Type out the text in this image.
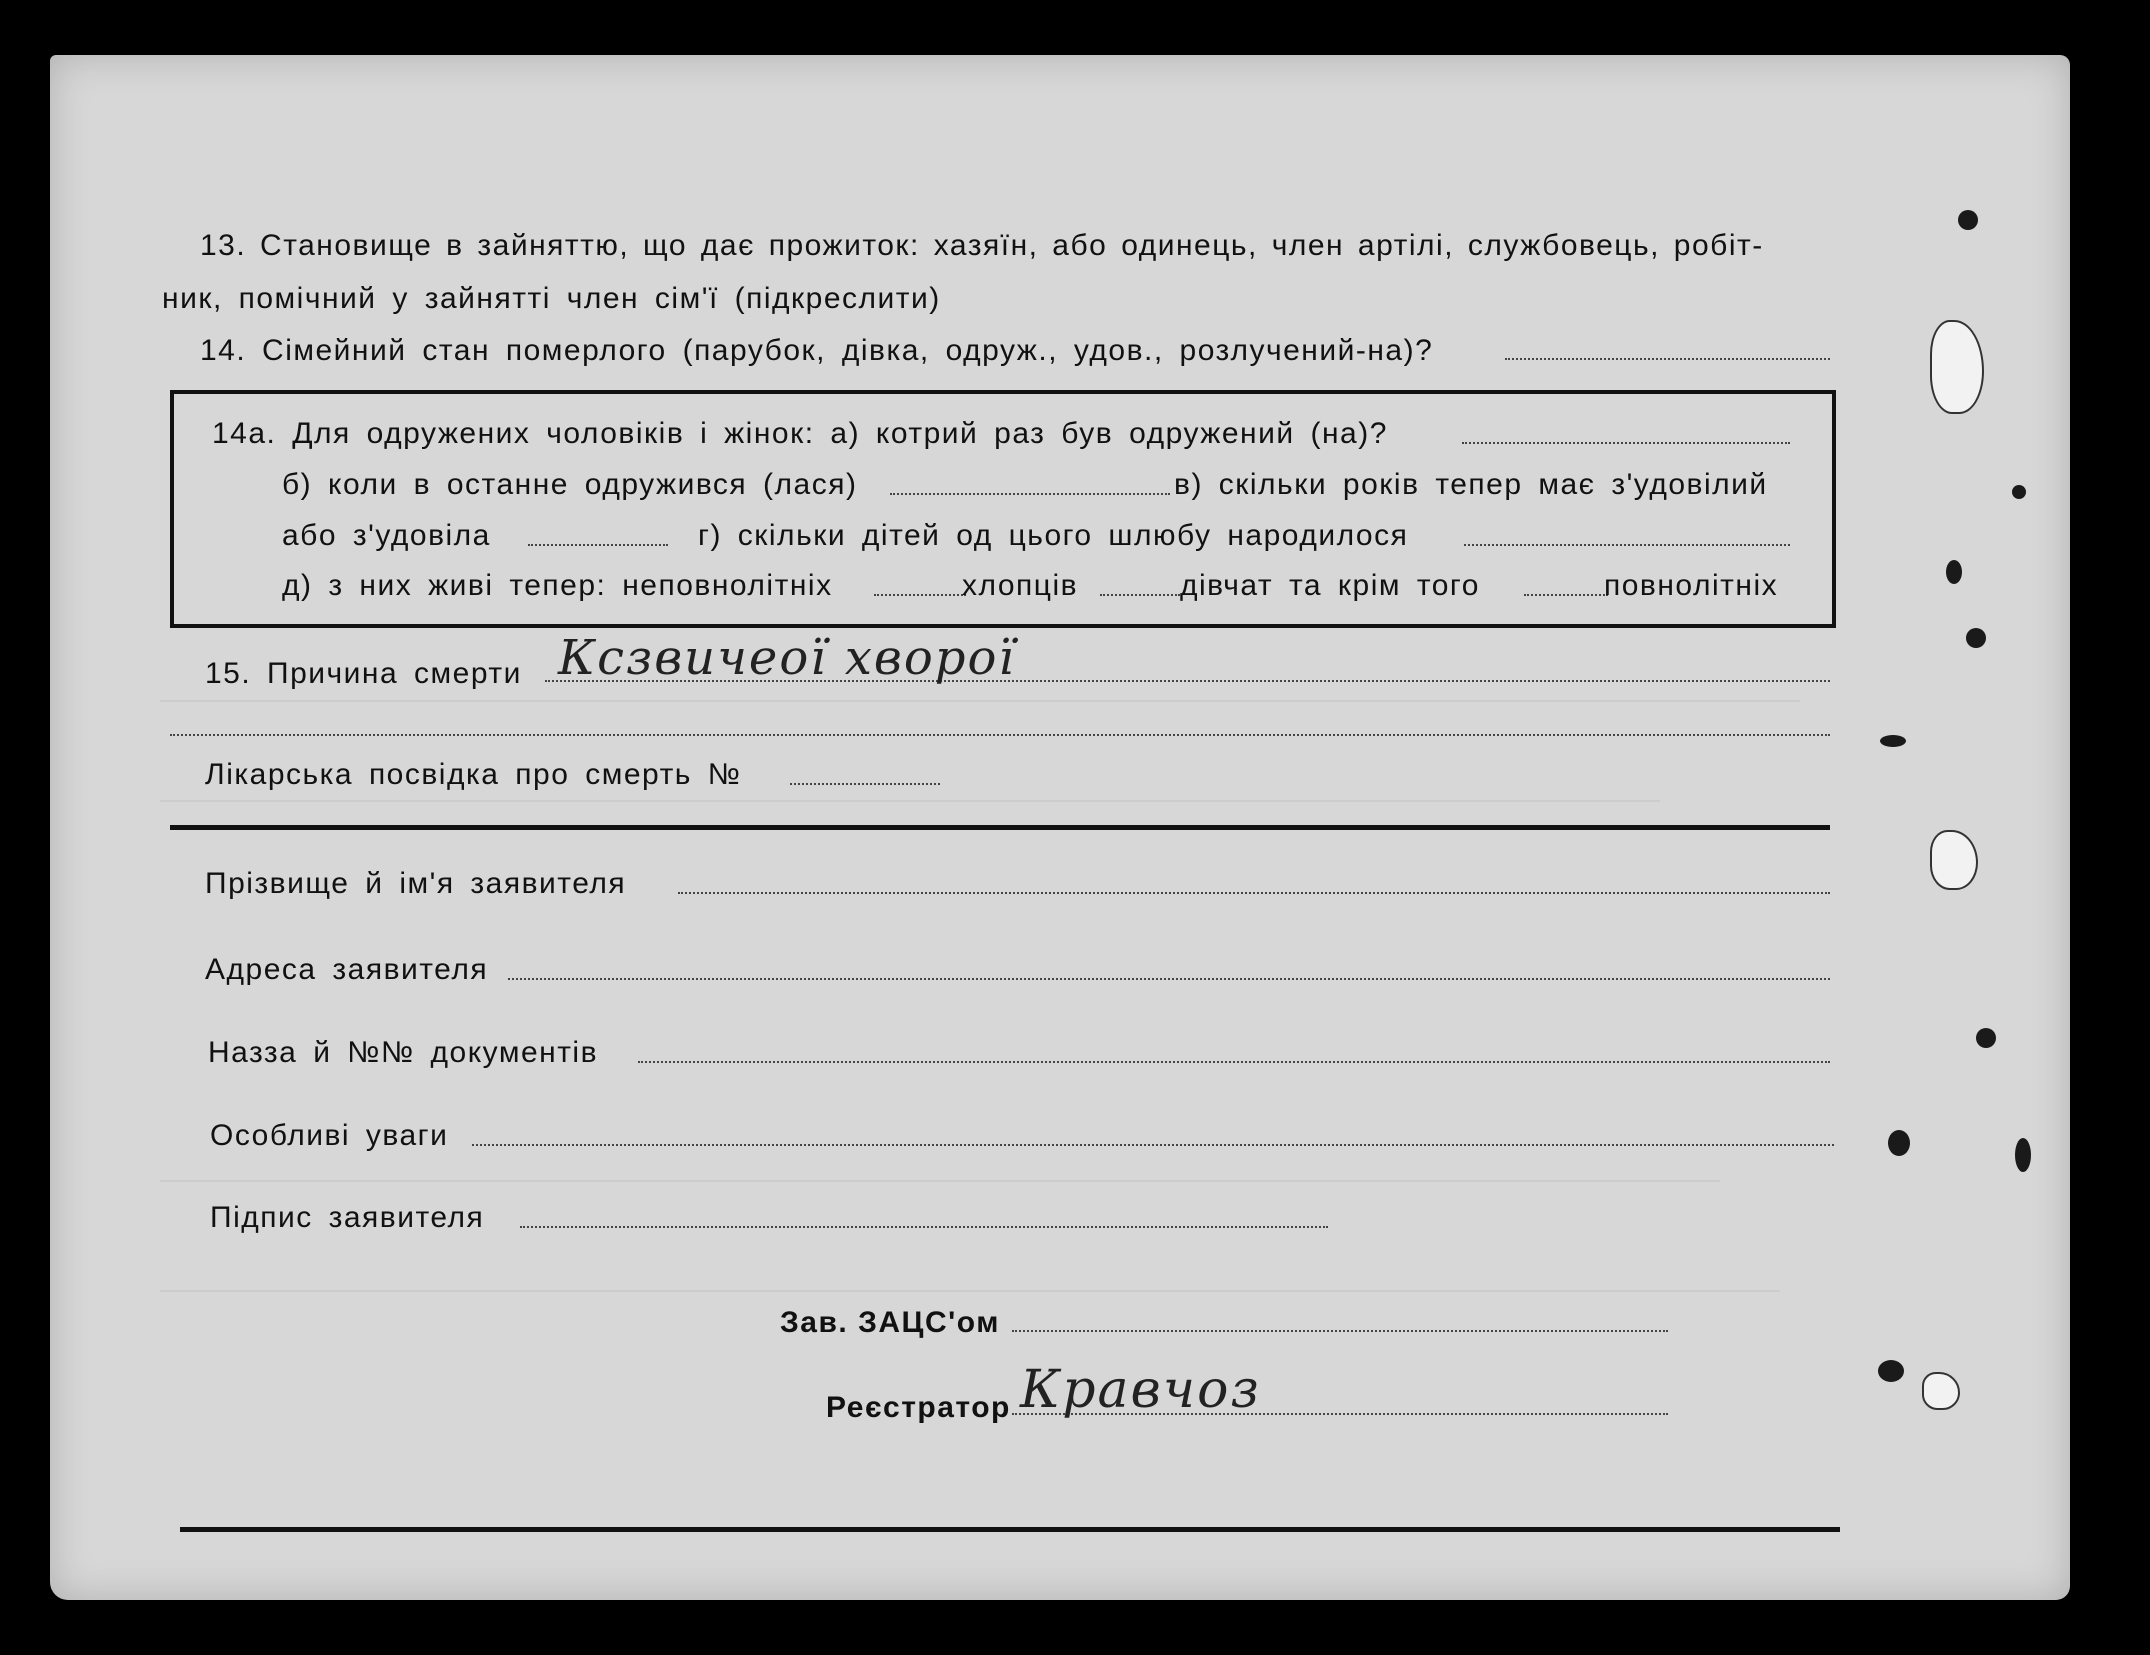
13. Становище в зайняттю, що дає прожиток: хазяїн, або одинець, член артілі, службовець, робіт-
ник, помічний у зайнятті член сім'ї (підкреслити)
14. Сімейний стан померлого (парубок, дівка, одруж., удов., розлучений-на)?
14а. Для одружених чоловіків і жінок: а) котрий раз був одружений (на)?
б) коли в останне одружився (лася)	в) скільки років тепер має з'удовілий
або з'удовіла	г) скільки дітей од цього шлюбу народилося
д) з них живі тепер: неповнолітніх	хлопців	дівчат та крім того	повнолітніх
15. Причина смерти Ксзвичеої хворої
Лікарська посвідка про смерть №
Прізвище й ім'я заявителя
Адреса заявителя
Назза й №№ документів
Особливі уваги
Підпис заявителя
Зав. ЗАЦС'ом
Реєстратор Кравчоз
